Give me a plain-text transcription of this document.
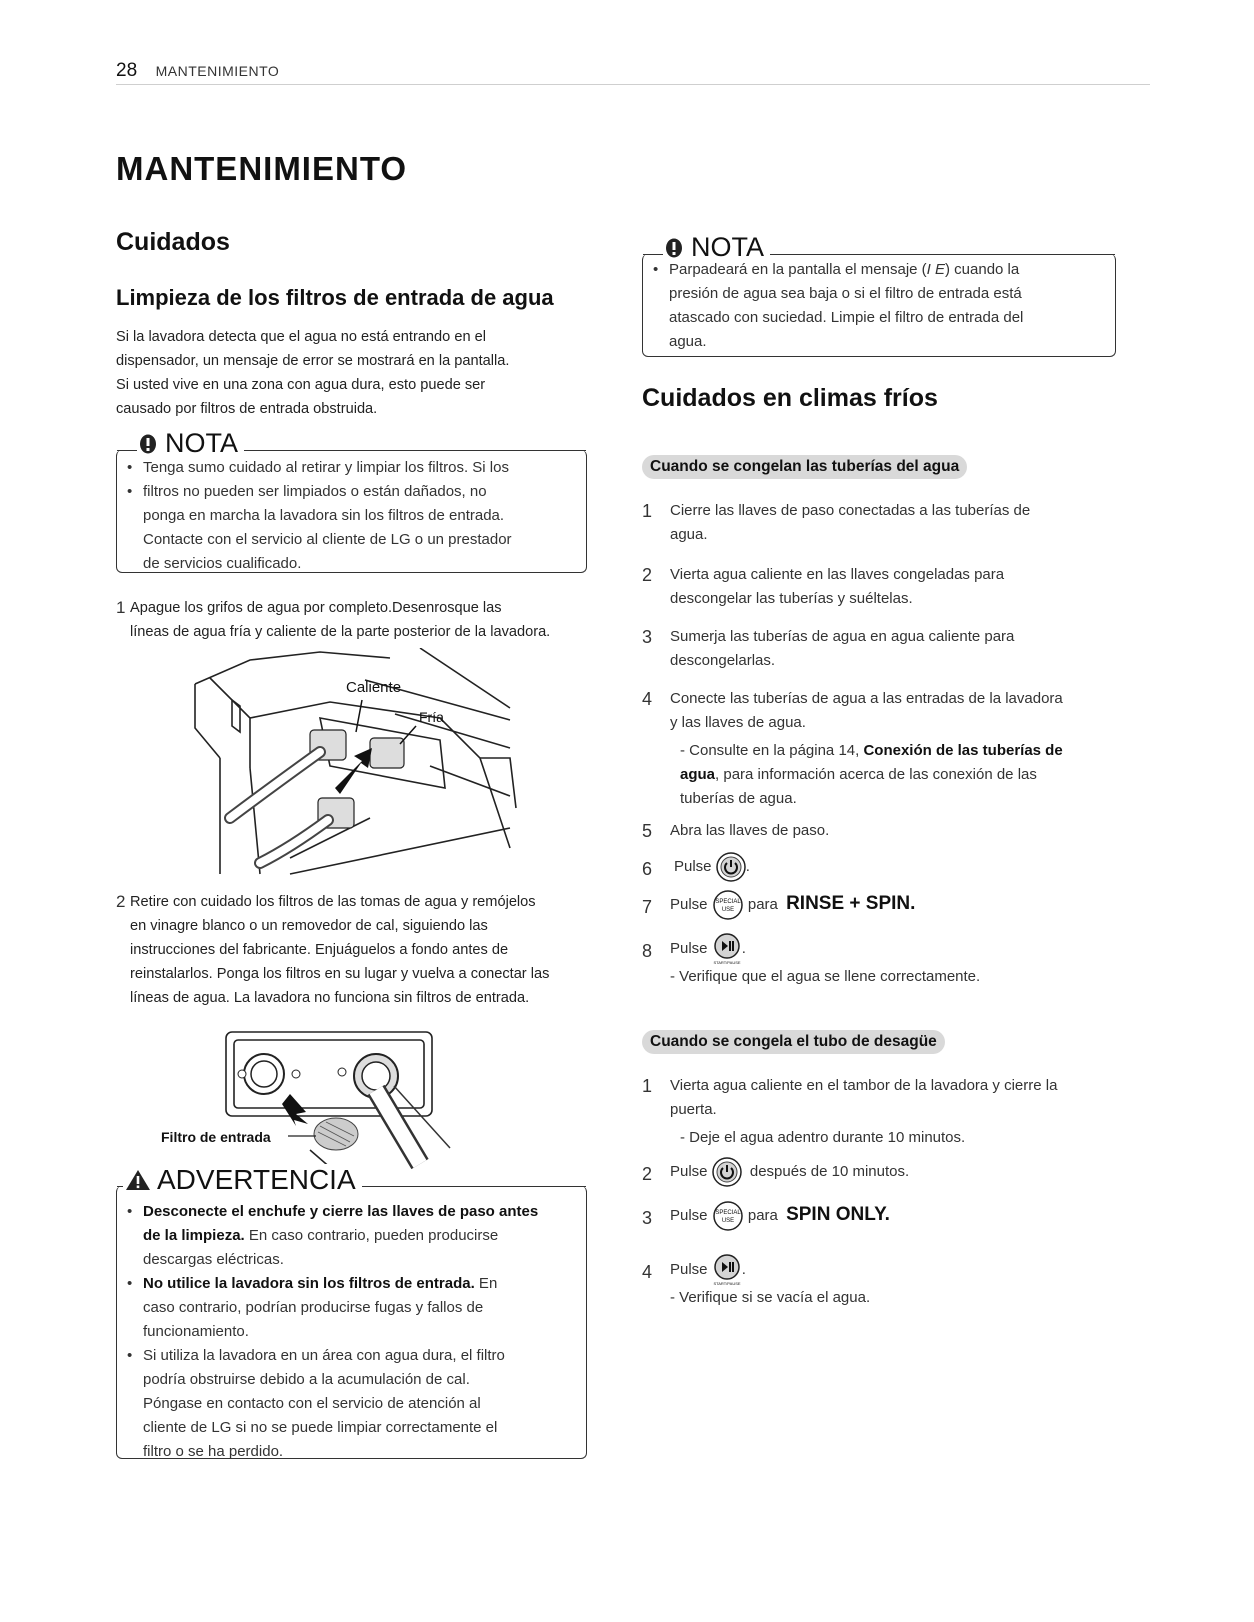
28 MANTENIMIENTO
MANTENIMIENTO
Cuidados
Limpieza de los filtros de entrada de agua

Si la lavadora detecta que el agua no está entrando en el

dispensador, un mensaje de error se mostrará en la pantalla.

Si usted vive en una zona con agua dura, esto puede ser

causado por filtros de entrada obstruida.

NOTA

• Tenga sumo cuidado al retirar y limpiar los filtros. Si los

• filtros no pueden ser limpiados o están dañados, no

ponga en marcha la lavadora sin los filtros de entrada.

Contacte con el servicio al cliente de LG o un prestador

de servicios cualificado.

1 Apague los grifos de agua por completo.Desenrosque las

líneas de agua fría y caliente de la parte posterior de la lavadora.

Caliente
Fría
2 Retire con cuidado los filtros de las tomas de agua y remójelos

en vinagre blanco o un removedor de cal, siguiendo las

instrucciones del fabricante. Enjuáguelos a fondo antes de

reinstalarlos. Ponga los filtros en su lugar y vuelva a conectar las

líneas de agua. La lavadora no funciona sin filtros de entrada.

Filtro de entrada
ADVERTENCIA

• Desconecte el enchufe y cierre las llaves de paso antes

de la limpieza. En caso contrario, pueden producirse

descargas eléctricas.

• No utilice la lavadora sin los filtros de entrada. En

caso contrario, podrían producirse fugas y fallos de

funcionamiento.

• Si utiliza la lavadora en un área con agua dura, el filtro

podría obstruirse debido a la acumulación de cal.

Póngase en contacto con el servicio de atención al

cliente de LG si no se puede limpiar correctamente el

filtro o se ha perdido.

NOTA

• Parpadeará en la pantalla el mensaje (I E) cuando la

presión de agua sea baja o si el filtro de entrada está

atascado con suciedad. Limpie el filtro de entrada del

agua.

Cuidados en climas fríos
Cuando se congelan las tuberías del agua
1 Cierre las llaves de paso conectadas a las tuberías de

agua.

2 Vierta agua caliente en las llaves congeladas para

descongelar las tuberías y suéltelas.

3 Sumerja las tuberías de agua en agua caliente para

descongelarlas.

4 Conecte las tuberías de agua a las entradas de la lavadora

y las llaves de agua.

- Consulte en la página 14, Conexión de las tuberías de

agua, para información acerca de las conexión de las

tuberías de agua.

5 Abra las llaves de paso.

6 Pulse .
7 Pulse SPECIAL
USE para RINSE + SPIN.
8 Pulse
START/PAUSE
.

- Verifique que el agua se llene correctamente.

Cuando se congela el tubo de desagüe
1 Vierta agua caliente en el tambor de la lavadora y cierre la

puerta.

- Deje el agua adentro durante 10 minutos.

2 Pulse	después de 10 minutos.
3 Pulse SPECIAL
USE para SPIN ONLY.
4 Pulse
START/PAUSE
.

- Verifique si se vacía el agua.
